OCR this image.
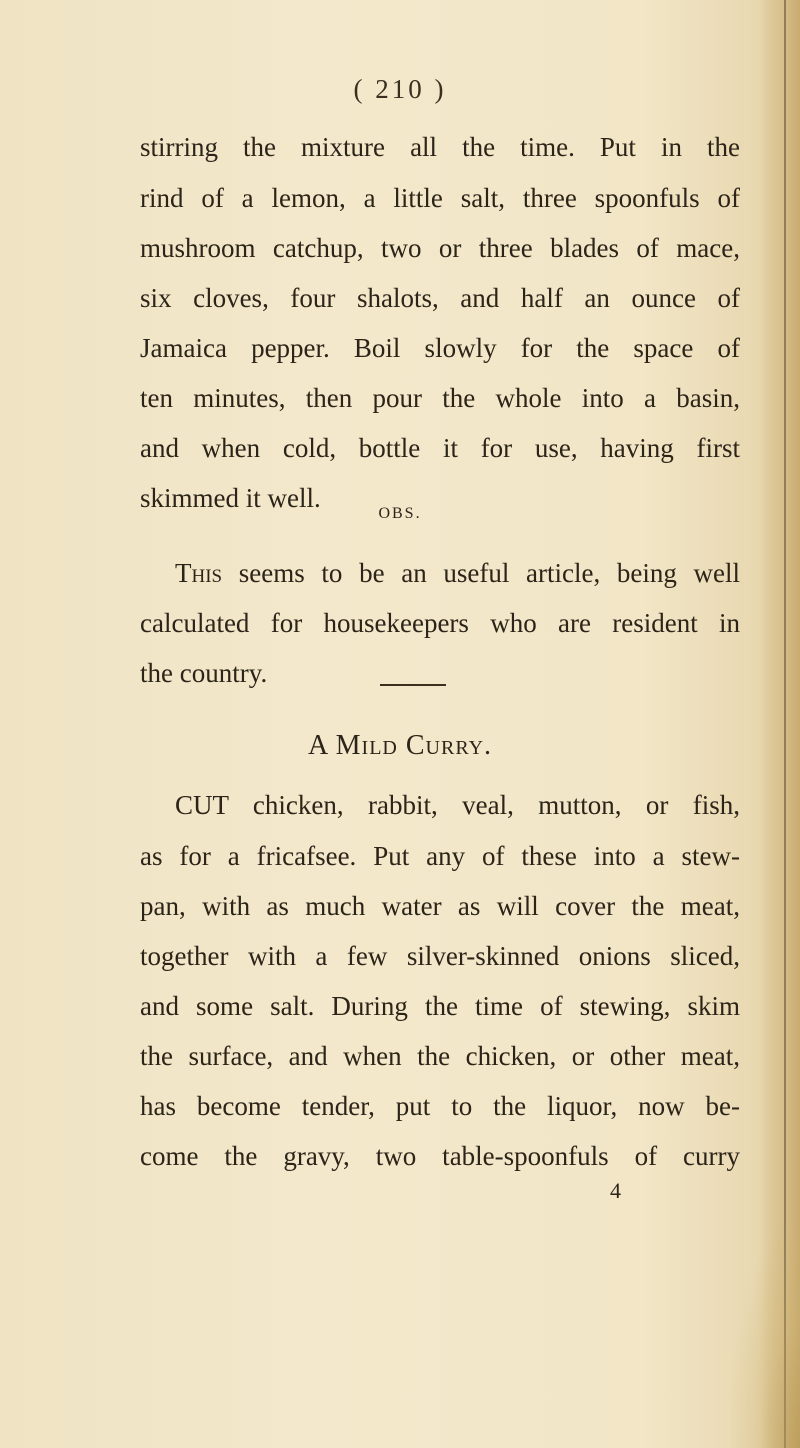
( 210 )
stirring the mixture all the time. Put in the
rind of a lemon, a little salt, three spoonfuls of
mushroom catchup, two or three blades of mace,
six cloves, four shalots, and half an ounce of
Jamaica pepper. Boil slowly for the space of
ten minutes, then pour the whole into a basin,
and when cold, bottle it for use, having first
skimmed it well.
OBS.
This seems to be an useful article, being well
calculated for housekeepers who are resident in
the country.
A Mild Curry.
CUT chicken, rabbit, veal, mutton, or fish,
as for a fricafsee. Put any of these into a stew-
pan, with as much water as will cover the meat,
together with a few silver-skinned onions sliced,
and some salt. During the time of stewing, skim
the surface, and when the chicken, or other meat,
has become tender, put to the liquor, now be-
come the gravy, two table-spoonfuls of curry
4
